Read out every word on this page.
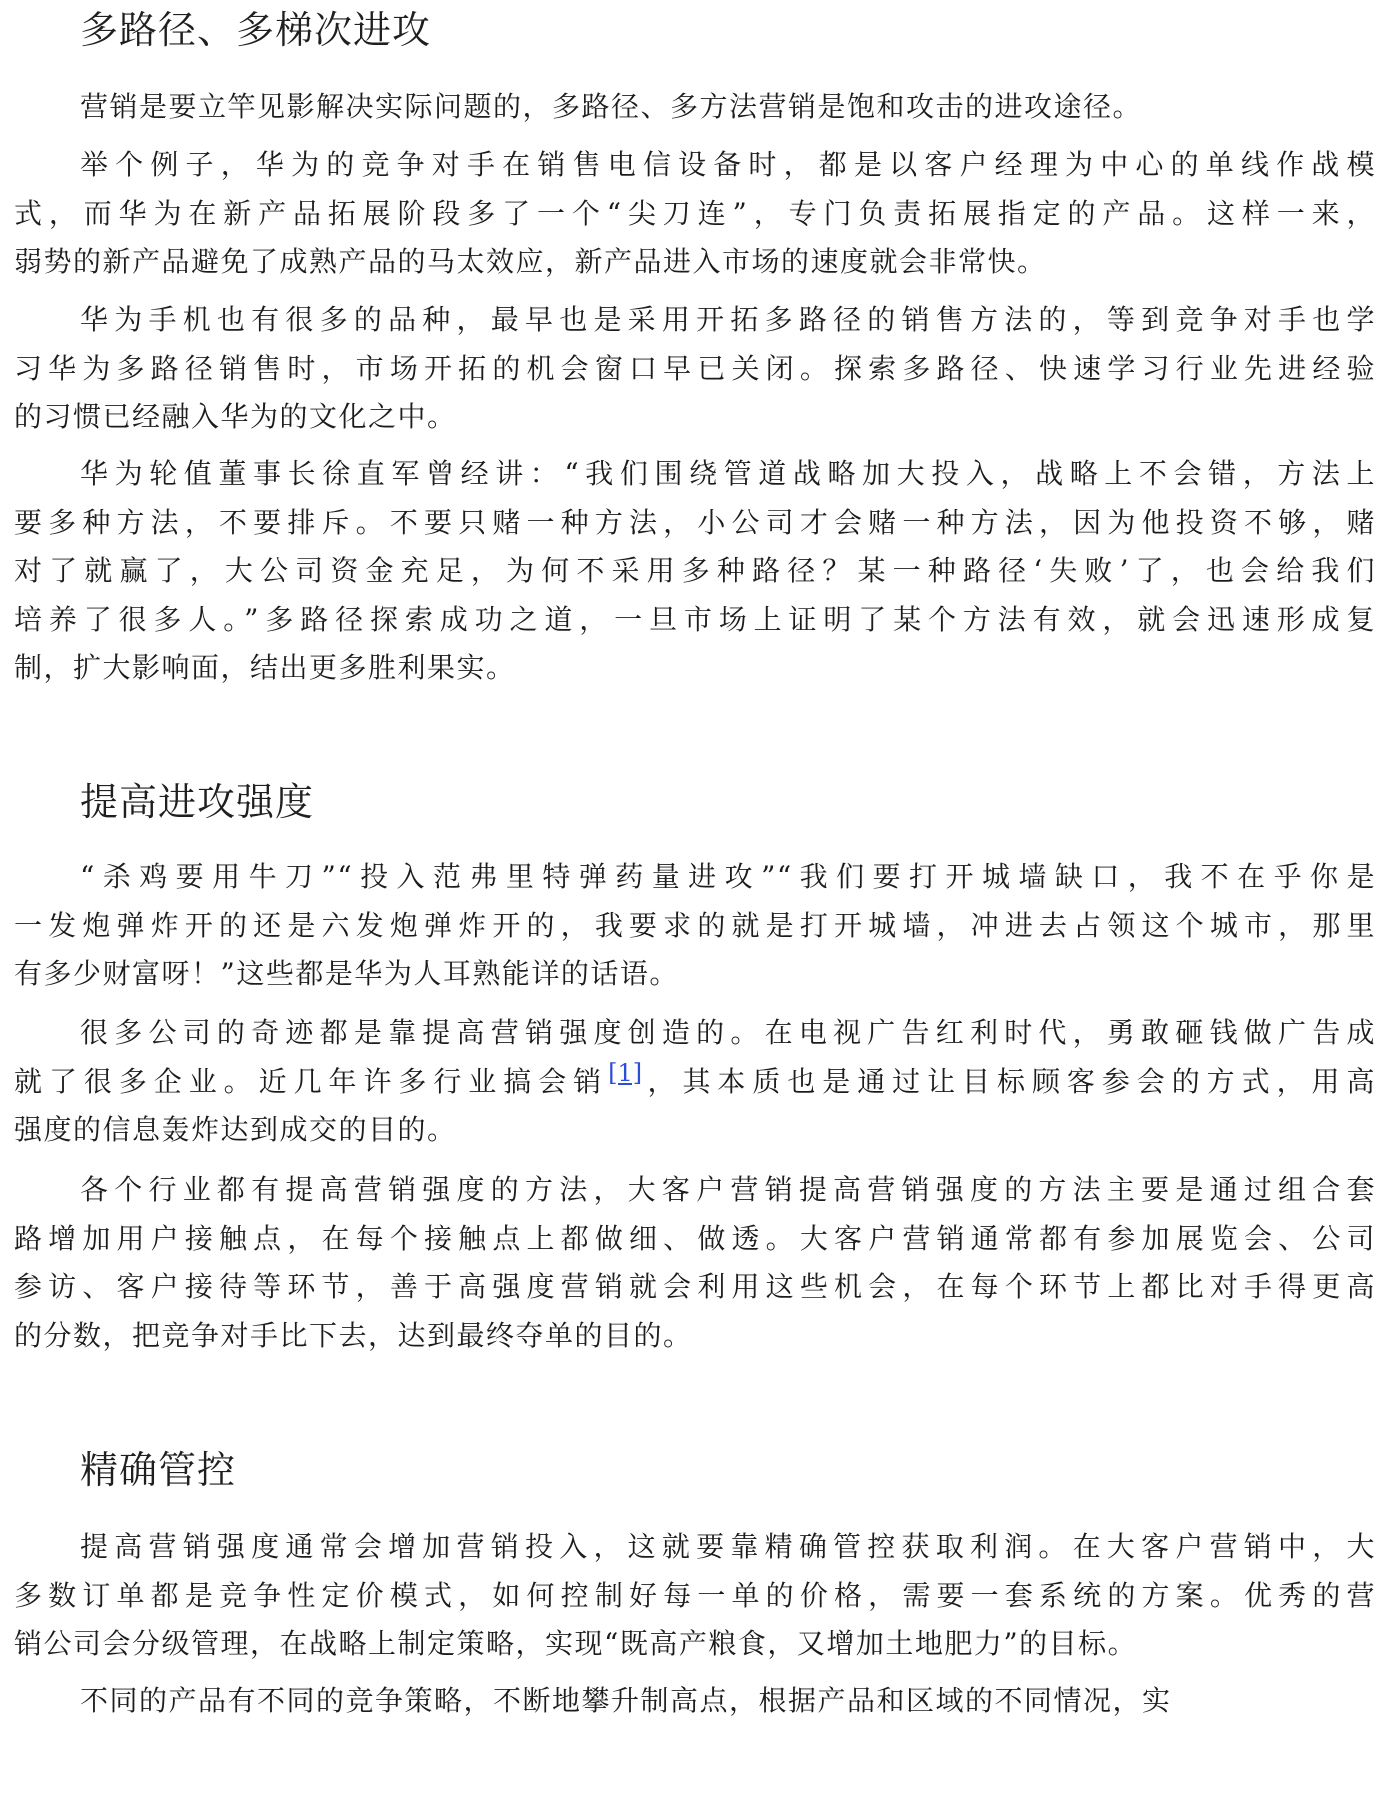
多路径、多梯次进攻
营销是要立竿见影解决实际问题的，多路径、多方法营销是饱和攻击的进攻途径。
举个例子，华为的竞争对手在销售电信设备时，都是以客户经理为中心的单线作战模
式，而华为在新产品拓展阶段多了一个“尖刀连”，专门负责拓展指定的产品。这样一来，
弱势的新产品避免了成熟产品的马太效应，新产品进入市场的速度就会非常快。
华为手机也有很多的品种，最早也是采用开拓多路径的销售方法的，等到竞争对手也学
习华为多路径销售时，市场开拓的机会窗口早已关闭。探索多路径、快速学习行业先进经验
的习惯已经融入华为的文化之中。
华为轮值董事长徐直军曾经讲：“我们围绕管道战略加大投入，战略上不会错，方法上
要多种方法，不要排斥。不要只赌一种方法，小公司才会赌一种方法，因为他投资不够，赌
对了就赢了，大公司资金充足，为何不采用多种路径？某一种路径‘失败’了，也会给我们
培养了很多人。”多路径探索成功之道，一旦市场上证明了某个方法有效，就会迅速形成复
制，扩大影响面，结出更多胜利果实。
提高进攻强度
“杀鸡要用牛刀”“投入范弗里特弹药量进攻”“我们要打开城墙缺口，我不在乎你是
一发炮弹炸开的还是六发炮弹炸开的，我要求的就是打开城墙，冲进去占领这个城市，那里
有多少财富呀！”这些都是华为人耳熟能详的话语。
很多公司的奇迹都是靠提高营销强度创造的。在电视广告红利时代，勇敢砸钱做广告成
就了很多企业。近几年许多行业搞会销[1]，其本质也是通过让目标顾客参会的方式，用高
强度的信息轰炸达到成交的目的。
各个行业都有提高营销强度的方法，大客户营销提高营销强度的方法主要是通过组合套
路增加用户接触点，在每个接触点上都做细、做透。大客户营销通常都有参加展览会、公司
参访、客户接待等环节，善于高强度营销就会利用这些机会，在每个环节上都比对手得更高
的分数，把竞争对手比下去，达到最终夺单的目的。
精确管控
提高营销强度通常会增加营销投入，这就要靠精确管控获取利润。在大客户营销中，大
多数订单都是竞争性定价模式，如何控制好每一单的价格，需要一套系统的方案。优秀的营
销公司会分级管理，在战略上制定策略，实现“既高产粮食，又增加土地肥力”的目标。
不同的产品有不同的竞争策略，不断地攀升制高点，根据产品和区域的不同情况，实
